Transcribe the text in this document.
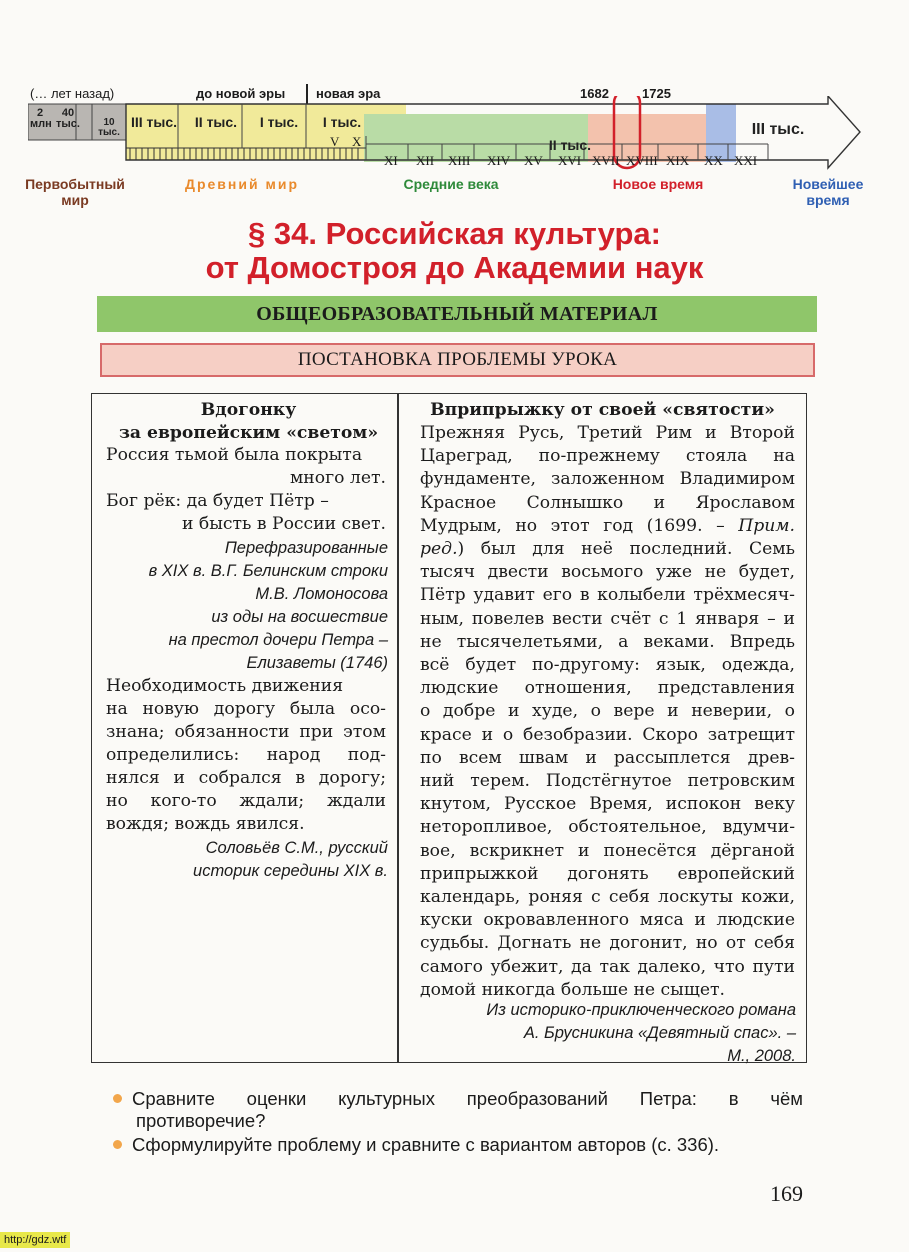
(… лет назад)	до новой эры новая эра	1682	1725
2 млн
40 тыс.	10 тыс.
III тыс.	II тыс.	I тыс.	I тыс.
II тыс.
III тыс.
V X
XI XII XIII XIV XV XVI XVII XVIII XIX XX XXI
Первобытный мир
Древний мир	Средние века	Новое время	Новейшее время
§ 34. Российская культура:
от Домостроя до Академии наук
ОБЩЕОБРАЗОВАТЕЛЬНЫЙ МАТЕРИАЛ
ПОСТАНОВКА ПРОБЛЕМЫ УРОКА
Вдогонку
за европейским «светом»
Россия тьмой была покрыта
много лет.
Бог рёк: да будет Пётр –
и бысть в России свет.
Перефразированные
в XIX в. В.Г. Белинским строки
М.В. Ломоносова
из оды на восшествие
на престол дочери Петра –
Елизаветы (1746)
Необходимость движения
на новую дорогу была осо-
знана; обязанности при этом
определились: народ под-
нялся и собрался в дорогу;
но кого-то ждали; ждали
вождя; вождь явился.
Соловьёв С.М., русский
историк середины XIX в.
Вприпрыжку от своей «святости»
Прежняя Русь, Третий Рим и Второй
Цареград, по-прежнему стояла на
фундаменте, заложенном Владимиром
Красное Солнышко и Ярославом
Мудрым, но этот год (1699. – Прим.
ред.) был для неё последний. Семь
тысяч двести восьмого уже не будет,
Пётр удавит его в колыбели трёхмесяч-
ным, повелев вести счёт с 1 января – и
не тысячелетьями, а веками. Впредь
всё будет по-другому: язык, одежда,
людские отношения, представления
о добре и худе, о вере и неверии, о
красе и о безобразии. Скоро затрещит
по всем швам и рассыплется древ-
ний терем. Подстёгнутое петровским
кнутом, Русское Время, испокон веку
неторопливое, обстоятельное, вдумчи-
вое, вскрикнет и понесётся дёрганой
припрыжкой догонять европейский
календарь, роняя с себя лоскуты кожи,
куски окровавленного мяса и людские
судьбы. Догнать не догонит, но от себя
самого убежит, да так далеко, что пути
домой никогда больше не сыщет.
Из историко-приключенческого романа
А. Брусникина «Девятный спас». –
М., 2008.
Сравните оценки культурных преобразований Петра: в чём
противоречие?
Сформулируйте проблему и сравните с вариантом авторов (с. 336).
169
http://gdz.wtf
